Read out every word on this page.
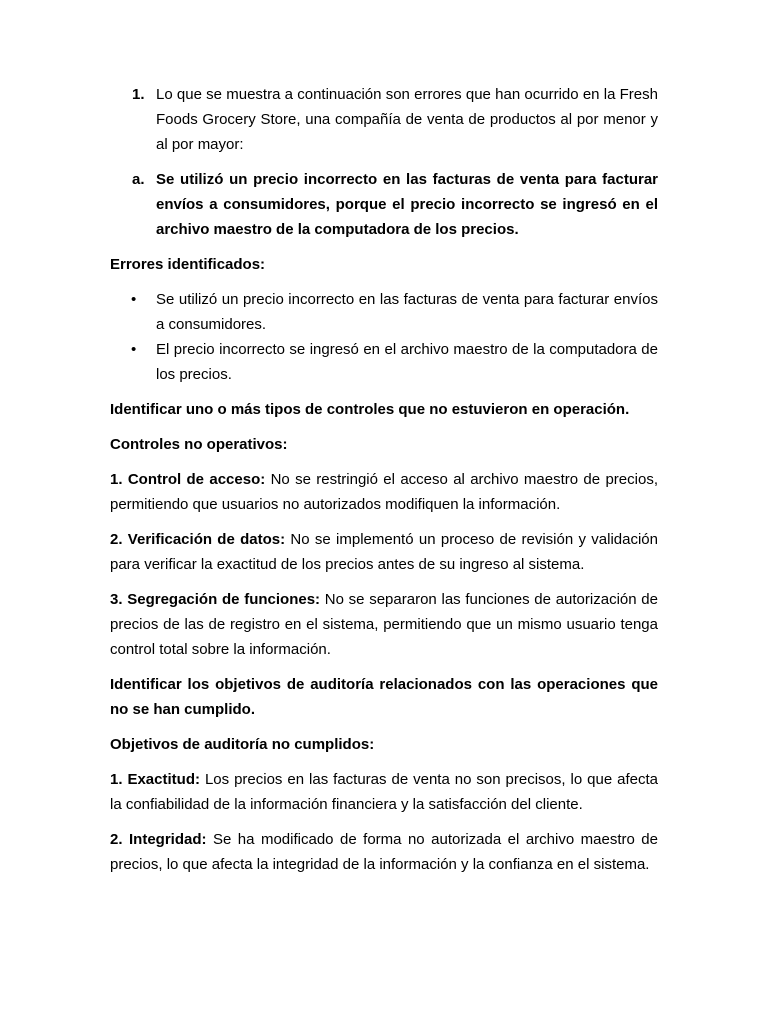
1. Lo que se muestra a continuación son errores que han ocurrido en la Fresh Foods Grocery Store, una compañía de venta de productos al por menor y al por mayor:
a. Se utilizó un precio incorrecto en las facturas de venta para facturar envíos a consumidores, porque el precio incorrecto se ingresó en el archivo maestro de la computadora de los precios.

Errores identificados:

• Se utilizó un precio incorrecto en las facturas de venta para facturar envíos a consumidores.
• El precio incorrecto se ingresó en el archivo maestro de la computadora de los precios.

Identificar uno o más tipos de controles que no estuvieron en operación.

Controles no operativos:

1. Control de acceso: No se restringió el acceso al archivo maestro de precios, permitiendo que usuarios no autorizados modifiquen la información.

2. Verificación de datos: No se implementó un proceso de revisión y validación para verificar la exactitud de los precios antes de su ingreso al sistema.

3. Segregación de funciones: No se separaron las funciones de autorización de precios de las de registro en el sistema, permitiendo que un mismo usuario tenga control total sobre la información.

Identificar los objetivos de auditoría relacionados con las operaciones que no se han cumplido.

Objetivos de auditoría no cumplidos:

1. Exactitud: Los precios en las facturas de venta no son precisos, lo que afecta la confiabilidad de la información financiera y la satisfacción del cliente.

2. Integridad: Se ha modificado de forma no autorizada el archivo maestro de precios, lo que afecta la integridad de la información y la confianza en el sistema.
